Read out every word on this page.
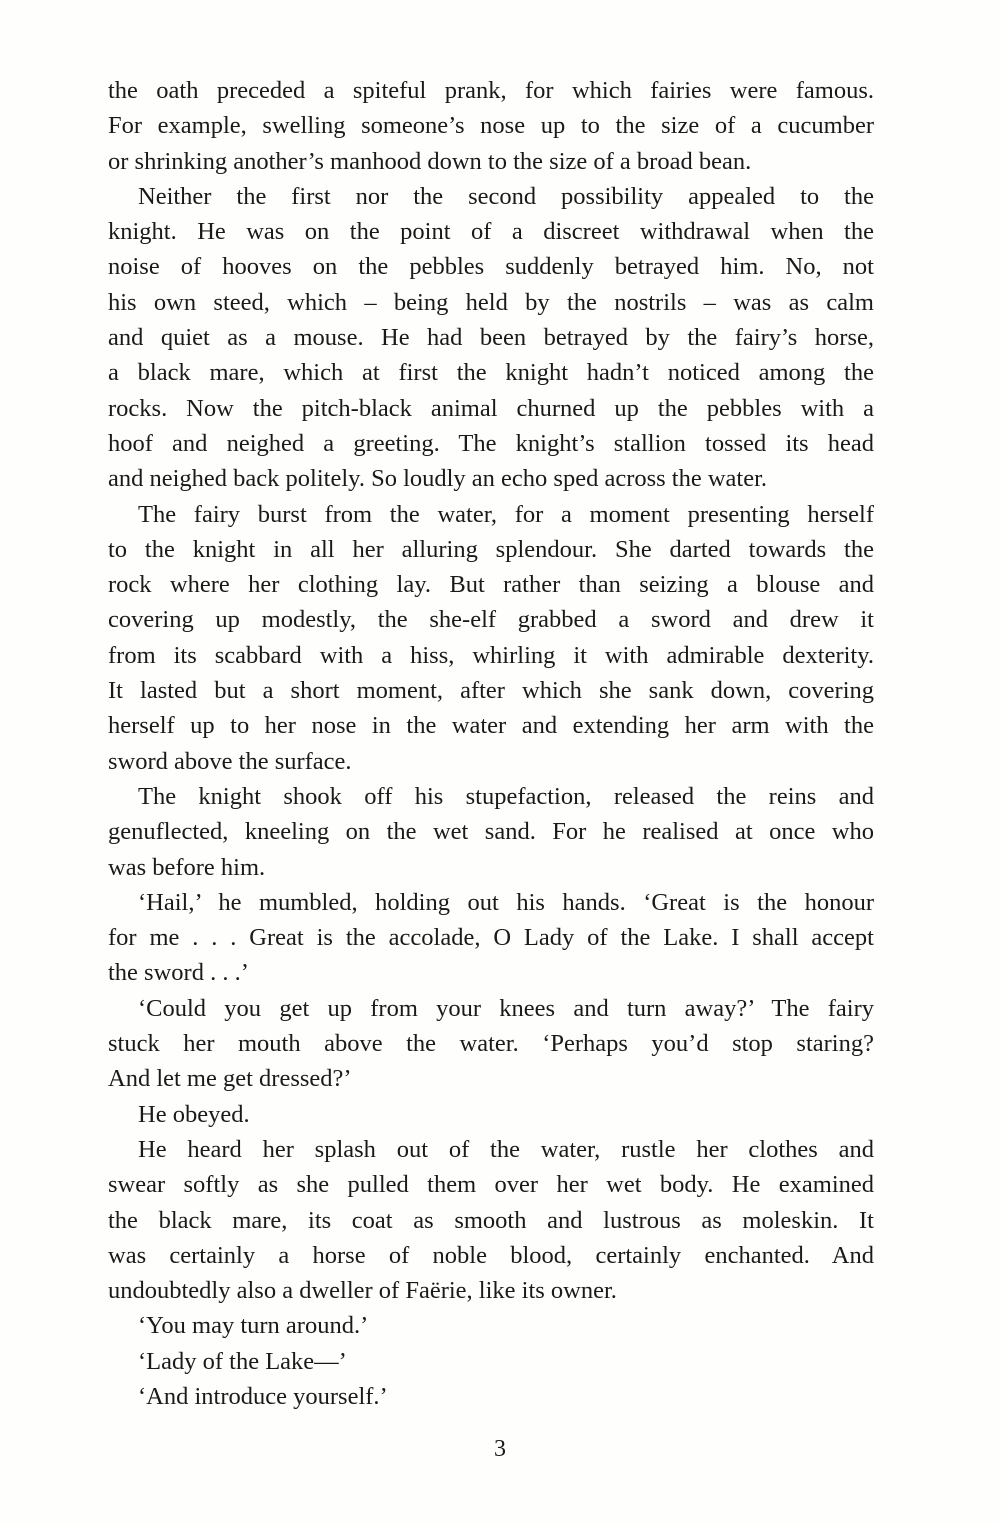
the oath preceded a spiteful prank, for which fairies were famous.
For example, swelling someone’s nose up to the size of a cucumber
or shrinking another’s manhood down to the size of a broad bean.
Neither the first nor the second possibility appealed to the
knight. He was on the point of a discreet withdrawal when the
noise of hooves on the pebbles suddenly betrayed him. No, not
his own steed, which – being held by the nostrils – was as calm
and quiet as a mouse. He had been betrayed by the fairy’s horse,
a black mare, which at first the knight hadn’t noticed among the
rocks. Now the pitch-black animal churned up the pebbles with a
hoof and neighed a greeting. The knight’s stallion tossed its head
and neighed back politely. So loudly an echo sped across the water.
The fairy burst from the water, for a moment presenting herself
to the knight in all her alluring splendour. She darted towards the
rock where her clothing lay. But rather than seizing a blouse and
covering up modestly, the she-elf grabbed a sword and drew it
from its scabbard with a hiss, whirling it with admirable dexterity.
It lasted but a short moment, after which she sank down, covering
herself up to her nose in the water and extending her arm with the
sword above the surface.
The knight shook off his stupefaction, released the reins and
genuflected, kneeling on the wet sand. For he realised at once who
was before him.
‘Hail,’ he mumbled, holding out his hands. ‘Great is the honour
for me . . . Great is the accolade, O Lady of the Lake. I shall accept
the sword . . .’
‘Could you get up from your knees and turn away?’ The fairy
stuck her mouth above the water. ‘Perhaps you’d stop staring?
And let me get dressed?’
He obeyed.
He heard her splash out of the water, rustle her clothes and
swear softly as she pulled them over her wet body. He examined
the black mare, its coat as smooth and lustrous as moleskin. It
was certainly a horse of noble blood, certainly enchanted. And
undoubtedly also a dweller of Faërie, like its owner.
‘You may turn around.’
‘Lady of the Lake—’
‘And introduce yourself.’
3
